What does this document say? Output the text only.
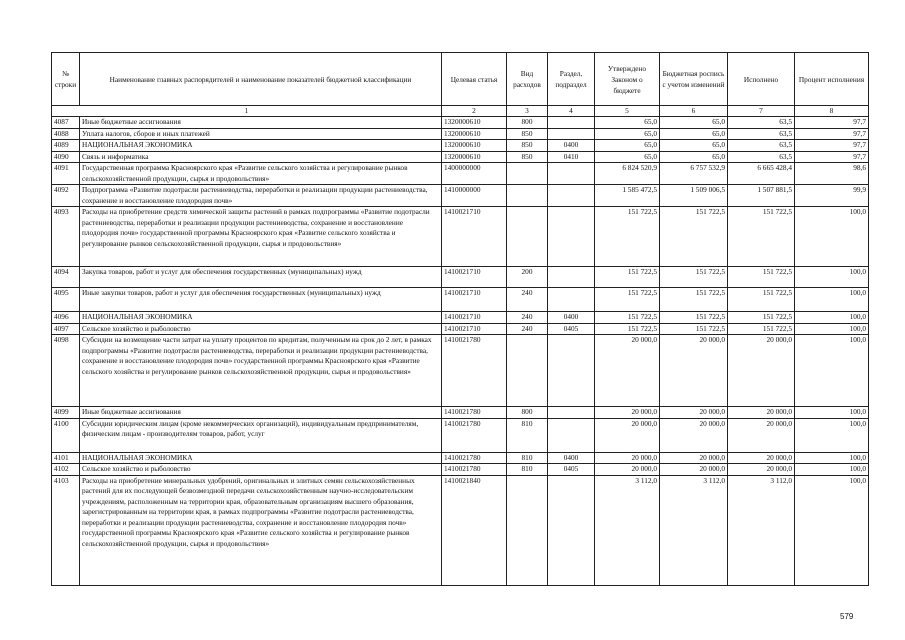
№ строки	Наименование главных распорядителей и наименование показателей бюджетной классификации	Целевая статья	Вид расходов	Раздел, подраздел	Утверждено Законом о бюджете	Бюджетная роспись с учетом изменений	Исполнено	Процент исполнения
1		2	3	4	5	6	7	8
4087	Иные бюджетные ассигнования	1320000610	800		65,0	65,0	63,5	97,7
4088	Уплата налогов, сборов и иных платежей	1320000610	850		65,0	65,0	63,5	97,7
4089	НАЦИОНАЛЬНАЯ ЭКОНОМИКА	1320000610	850	0400	65,0	65,0	63,5	97,7
4090	Связь и информатика	1320000610	850	0410	65,0	65,0	63,5	97,7
4091	Государственная программа Красноярского края «Развитие сельского хозяйства и регулирование рынков сельскохозяйственной продукции, сырья и продовольствия»	1400000000			6 824 520,9	6 757 532,9	6 665 428,4	98,6
4092	Подпрограмма «Развитие подотрасли растениеводства, переработки и реализации продукции растениеводства, сохранение и восстановление плодородия почв»	1410000000			1 585 472,5	1 509 006,5	1 507 881,5	99,9
4093	Расходы на приобретение средств химической защиты растений в рамках подпрограммы «Развитие подотрасли растениеводства, переработки и реализации продукции растениеводства, сохранение и восстановление плодородия почв» государственной программы Красноярского края «Развитие сельского хозяйства и регулирование рынков сельскохозяйственной продукции, сырья и продовольствия»	1410021710			151 722,5	151 722,5	151 722,5	100,0
4094	Закупка товаров, работ и услуг для обеспечения государственных (муниципальных) нужд	1410021710	200		151 722,5	151 722,5	151 722,5	100,0
4095	Иные закупки товаров, работ и услуг для обеспечения государственных (муниципальных) нужд	1410021710	240		151 722,5	151 722,5	151 722,5	100,0
4096	НАЦИОНАЛЬНАЯ ЭКОНОМИКА	1410021710	240	0400	151 722,5	151 722,5	151 722,5	100,0
4097	Сельское хозяйство и рыболовство	1410021710	240	0405	151 722,5	151 722,5	151 722,5	100,0
4098	Субсидии на возмещение части затрат на уплату процентов по кредитам, полученным на срок до 2 лет, в рамках подпрограммы «Развитие подотрасли растениеводства, переработки и реализации продукции растениеводства, сохранение и восстановление плодородия почв» государственной программы Красноярского края «Развитие сельского хозяйства и регулирование рынков сельскохозяйственной продукции, сырья и продовольствия»	1410021780			20 000,0	20 000,0	20 000,0	100,0
4099	Иные бюджетные ассигнования	1410021780	800		20 000,0	20 000,0	20 000,0	100,0
4100	Субсидии юридическим лицам (кроме некоммерческих организаций), индивидуальным предпринимателям, физическим лицам - производителям товаров, работ, услуг	1410021780	810		20 000,0	20 000,0	20 000,0	100,0
4101	НАЦИОНАЛЬНАЯ ЭКОНОМИКА	1410021780	810	0400	20 000,0	20 000,0	20 000,0	100,0
4102	Сельское хозяйство и рыболовство	1410021780	810	0405	20 000,0	20 000,0	20 000,0	100,0
4103	Расходы на приобретение минеральных удобрений, оригинальных и элитных семян сельскохозяйственных растений для их последующей безвозмездной передачи сельскохозяйственным научно-исследовательским учреждениям, расположенным на территории края, образовательным организациям высшего образования, зарегистрированным на территории края, в рамках подпрограммы «Развитие подотрасли растениеводства, переработки и реализации продукции растениеводства, сохранение и восстановление плодородия почв» государственной программы Красноярского края «Развитие сельского хозяйства и регулирование рынков сельскохозяйственной продукции, сырья и продовольствия»	1410021840			3 112,0	3 112,0	3 112,0	100,0
579
